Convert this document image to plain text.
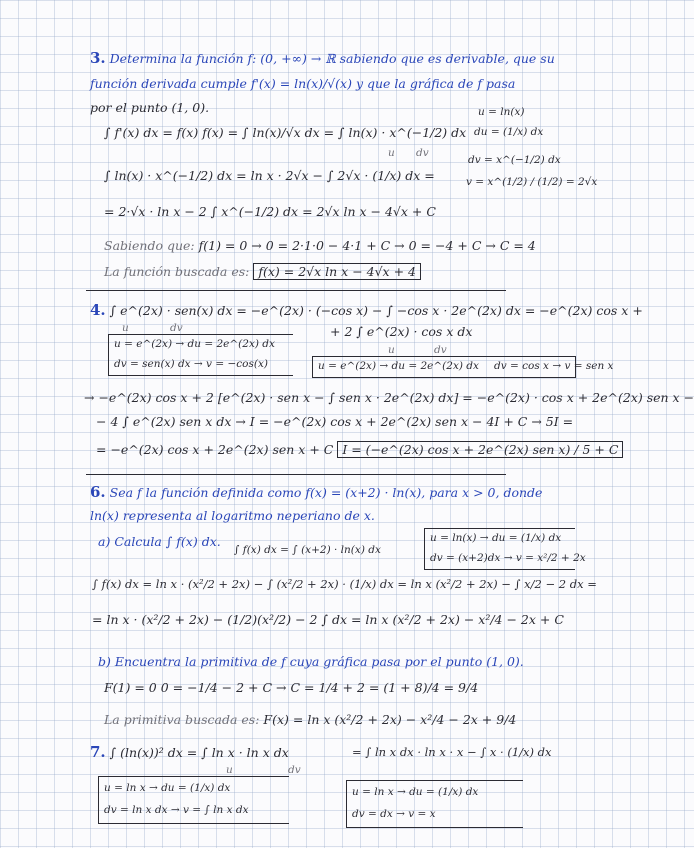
3. Determina la función f: (0, +∞) → ℝ sabiendo que es derivable, que su
función derivada cumple f'(x) = ln(x)/√(x) y que la gráfica de f pasa
por el punto (1, 0).	u = ln(x)
du = (1/x) dx
dv = x^(−1/2) dx
v = x^(1/2) / (1/2) = 2√x
∫ f'(x) dx = f(x) f(x) = ∫ ln(x)/√x dx = ∫ ln(x) · x^(−1/2) dx
u dv
∫ ln(x) · x^(−1/2) dx = ln x · 2√x − ∫ 2√x · (1/x) dx =
= 2·√x · ln x − 2 ∫ x^(−1/2) dx = 2√x ln x − 4√x + C
Sabiendo que: f(1) = 0 → 0 = 2·1·0 − 4·1 + C → 0 = −4 + C → C = 4
La función buscada es: f(x) = 2√x ln x − 4√x + 4
4. ∫ e^(2x) · sen(x) dx = −e^(2x) · (−cos x) − ∫ −cos x · 2e^(2x) dx = −e^(2x) cos x +
u	dv	+ 2 ∫ e^(2x) · cos x dx
u	dv
u = e^(2x) → du = 2e^(2x) dx
dv = sen(x) dx → v = −cos(x)	u = e^(2x) → du = 2e^(2x) dx dv = cos x → v = sen x
→ −e^(2x) cos x + 2 [e^(2x) · sen x − ∫ sen x · 2e^(2x) dx] = −e^(2x) · cos x + 2e^(2x) sen x −
− 4 ∫ e^(2x) sen x dx → I = −e^(2x) cos x + 2e^(2x) sen x − 4I + C → 5I =
= −e^(2x) cos x + 2e^(2x) sen x + C I = (−e^(2x) cos x + 2e^(2x) sen x) / 5 + C
6. Sea f la función definida como f(x) = (x+2) · ln(x), para x > 0, donde
ln(x) representa al logaritmo neperiano de x.
a) Calcula ∫ f(x) dx.
∫ f(x) dx = ∫ (x+2) · ln(x) dx
u = ln(x) → du = (1/x) dx
dv = (x+2)dx → v = x²/2 + 2x
∫ f(x) dx = ln x · (x²/2 + 2x) − ∫ (x²/2 + 2x) · (1/x) dx = ln x (x²/2 + 2x) − ∫ x/2 − 2 dx =
= ln x · (x²/2 + 2x) − (1/2)(x²/2) − 2 ∫ dx = ln x (x²/2 + 2x) − x²/4 − 2x + C
b) Encuentra la primitiva de f cuya gráfica pasa por el punto (1, 0).
F(1) = 0 0 = −1/4 − 2 + C → C = 1/4 + 2 = (1 + 8)/4 = 9/4
La primitiva buscada es: F(x) = ln x (x²/2 + 2x) − x²/4 − 2x + 9/4
7. ∫ (ln(x))² dx = ∫ ln x · ln x dx
u	dv
= ∫ ln x dx · ln x · x − ∫ x · (1/x) dx
u = ln x → du = (1/x) dx
dv = ln x dx → v = ∫ ln x dx
u = ln x → du = (1/x) dx
dv = dx → v = x
